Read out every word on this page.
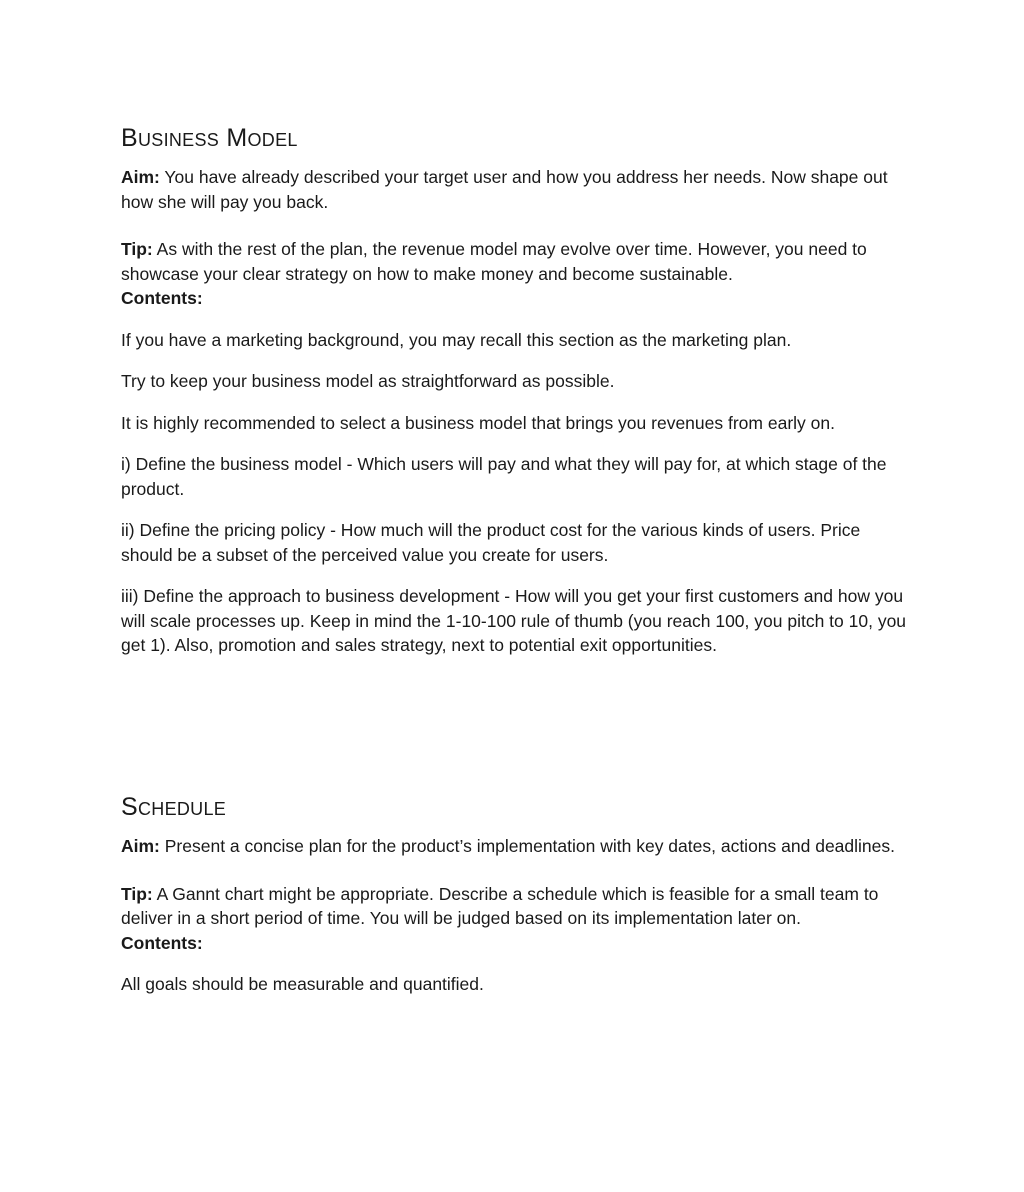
Business Model

Aim: You have already described your target user and how you address her needs. Now shape out how she will pay you back.

Tip: As with the rest of the plan, the revenue model may evolve over time. However, you need to showcase your clear strategy on how to make money and become sustainable.

Contents:

If you have a marketing background, you may recall this section as the marketing plan.

Try to keep your business model as straightforward as possible.

It is highly recommended to select a business model that brings you revenues from early on.

i) Define the business model - Which users will pay and what they will pay for, at which stage of the product.

ii) Define the pricing policy - How much will the product cost for the various kinds of users. Price should be a subset of the perceived value you create for users.

iii) Define the approach to business development - How will you get your first customers and how you will scale processes up. Keep in mind the 1-10-100 rule of thumb (you reach 100, you pitch to 10, you get 1). Also, promotion and sales strategy, next to potential exit opportunities.

Schedule

Aim: Present a concise plan for the product’s implementation with key dates, actions and deadlines.

Tip: A Gannt chart might be appropriate. Describe a schedule which is feasible for a small team to deliver in a short period of time. You will be judged based on its implementation later on.

Contents:

All goals should be measurable and quantified.
